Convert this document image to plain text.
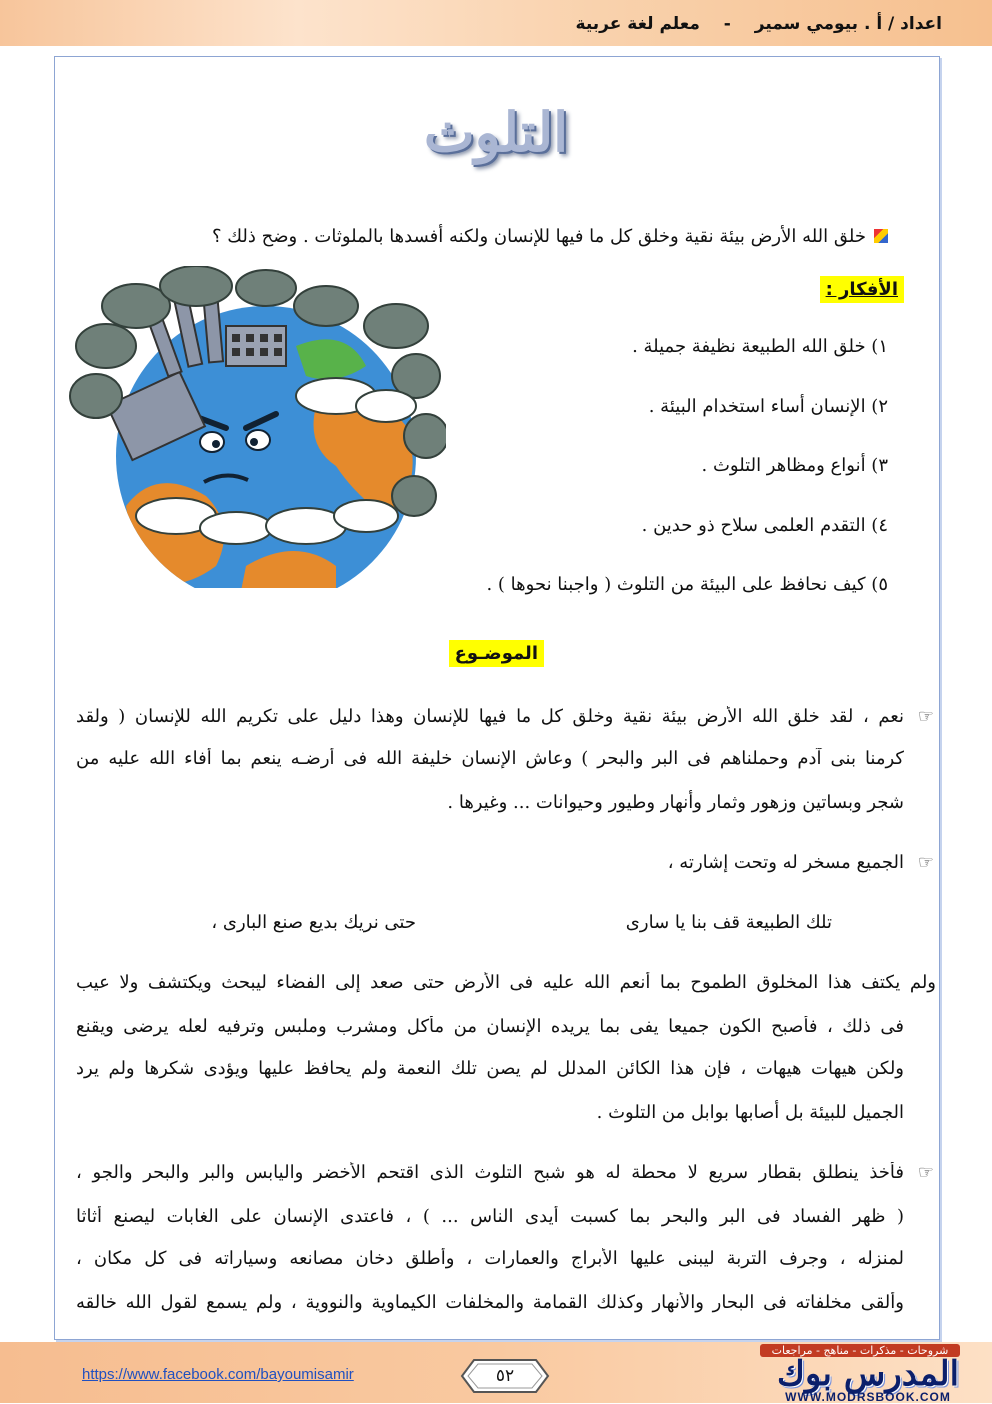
اعداد / أ . بيومي سمير - معلم لغة عربية
التلوث
خلق الله الأرض بيئة نقية وخلق كل ما فيها للإنسان ولكنه أفسدها بالملوثات . وضح ذلك ؟
الأفكار :
١) خلق الله الطبيعة نظيفة جميلة .
٢) الإنسان أساء استخدام البيئة .
٣) أنواع ومظاهر التلوث .
٤) التقدم العلمى سلاح ذو حدين .
٥) كيف نحافظ على البيئة من التلوث ( واجبنا نحوها ) .
الموضـوع
☞
نعم ، لقد خلق الله الأرض بيئة نقية وخلق كل ما فيها للإنسان وهذا دليل على تكريم الله للإنسان ( ولقد
كرمنا بنى آدم وحملناهم فى البر والبحر ) وعاش الإنسان خليفة الله فى أرضـه ينعم بما أفاء الله عليه من
شجر وبساتين وزهور وثمار وأنهار وطيور وحيوانات ... وغيرها .
☞
الجميع مسخر له وتحت إشارته ،
تلك الطبيعة قف بنا يا سارى
حتى نريك بديع صنع البارى ،
ولم يكتف هذا المخلوق الطموح بما أنعم الله عليه فى الأرض حتى صعد إلى الفضاء ليبحث ويكتشف ولا عيب
فى ذلك ، فأصبح الكون جميعا يفى بما يريده الإنسان من مأكل ومشرب وملبس وترفيه لعله يرضى ويقنع
ولكن هيهات هيهات ، فإن هذا الكائن المدلل لم يصن تلك النعمة ولم يحافظ عليها ويؤدى شكرها ولم يرد
الجميل للبيئة بل أصابها بوابل من التلوث .
☞
فأخذ ينطلق بقطار سريع لا محطة له هو شبح التلوث الذى اقتحم الأخضر واليابس والبر والبحر والجو ،
( ظهر الفساد فى البر والبحر بما كسبت أيدى الناس ... ) ، فاعتدى الإنسان على الغابات ليصنع أثاثا
لمنزله ، وجرف التربة ليبنى عليها الأبراج والعمارات ، وأطلق دخان مصانعه وسياراته فى كل مكان ،
وألقى مخلفاته فى البحار والأنهار وكذلك القمامة والمخلفات الكيماوية والنووية ، ولم يسمع لقول الله خالقه
https://www.facebook.com/bayoumisamir	٥٢
شروحات - مذكرات - مناهج - مراجعات
المدرس بوك
WWW.MODRSBOOK.COM
